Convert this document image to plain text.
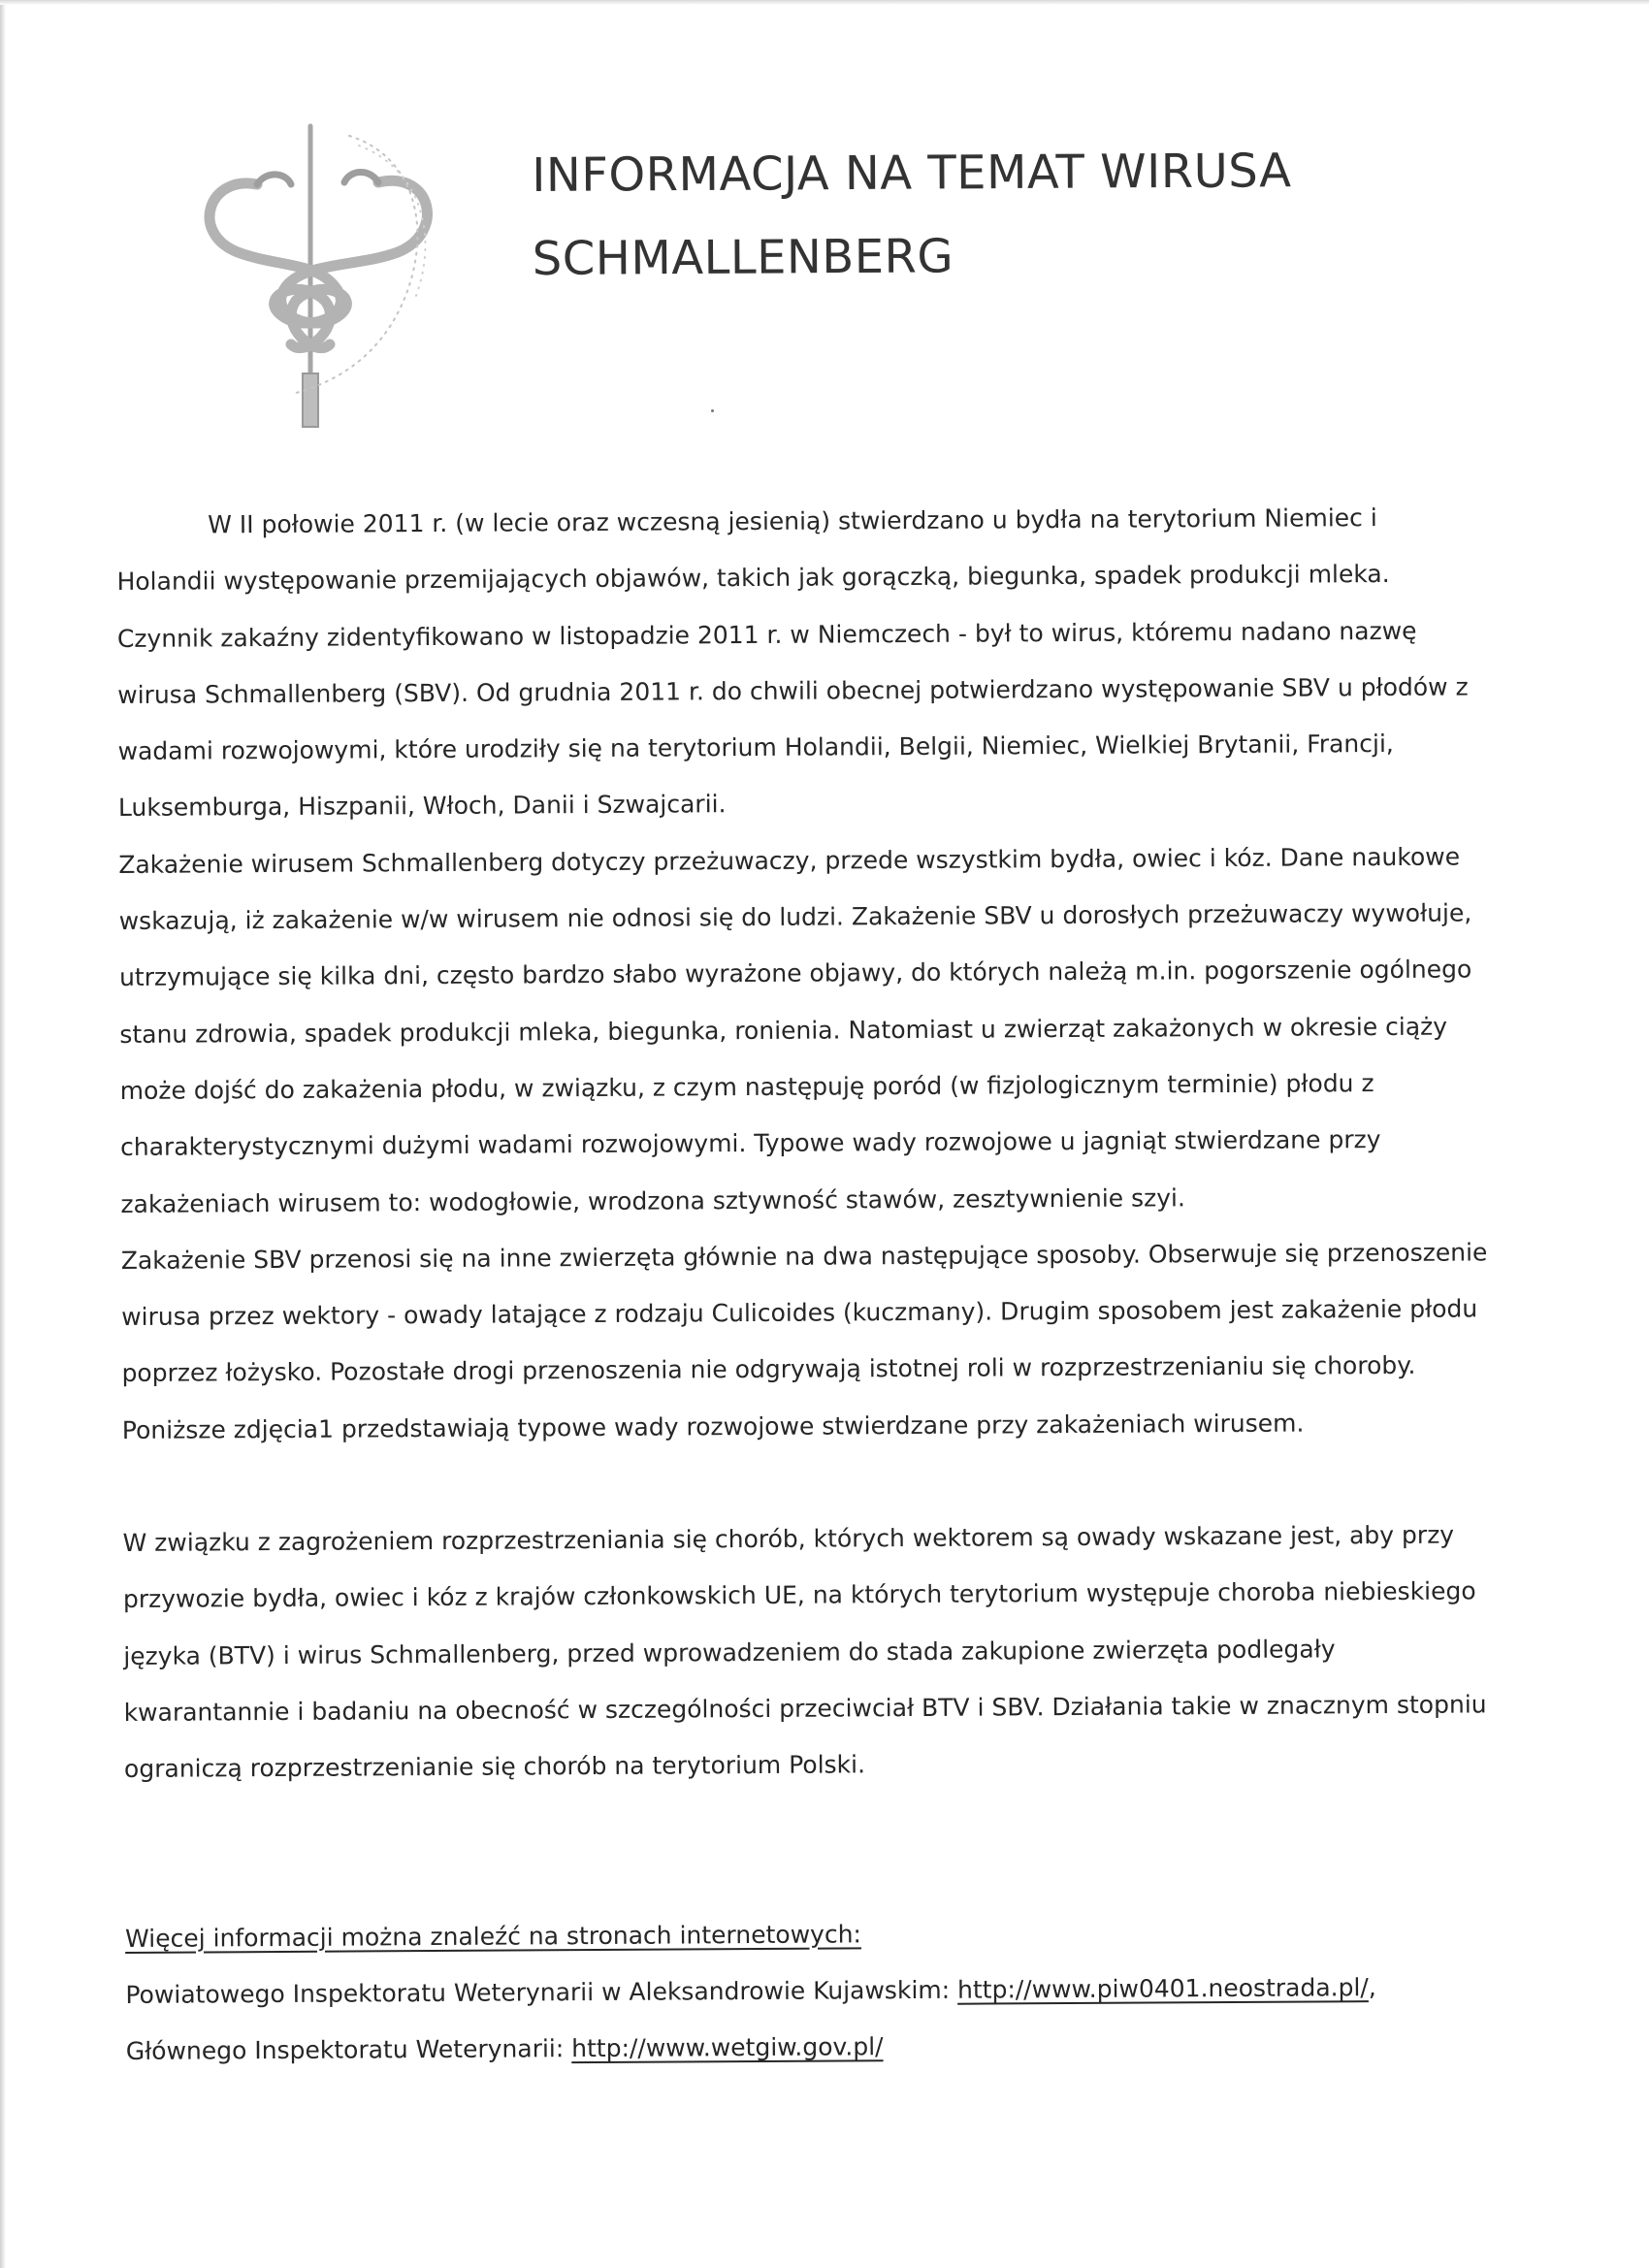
INFORMACJA NA TEMAT WIRUSA
SCHMALLENBERG
W II połowie 2011 r. (w lecie oraz wczesną jesienią) stwierdzano u bydła na terytorium Niemiec i
Holandii występowanie przemijających objawów, takich jak gorączką, biegunka, spadek produkcji mleka.
Czynnik zakaźny zidentyfikowano w listopadzie 2011 r. w Niemczech - był to wirus, któremu nadano nazwę
wirusa Schmallenberg (SBV). Od grudnia 2011 r. do chwili obecnej potwierdzano występowanie SBV u płodów z
wadami rozwojowymi, które urodziły się na terytorium Holandii, Belgii, Niemiec, Wielkiej Brytanii, Francji,
Luksemburga, Hiszpanii, Włoch, Danii i Szwajcarii.
Zakażenie wirusem Schmallenberg dotyczy przeżuwaczy, przede wszystkim bydła, owiec i kóz. Dane naukowe
wskazują, iż zakażenie w/w wirusem nie odnosi się do ludzi. Zakażenie SBV u dorosłych przeżuwaczy wywołuje,
utrzymujące się kilka dni, często bardzo słabo wyrażone objawy, do których należą m.in. pogorszenie ogólnego
stanu zdrowia, spadek produkcji mleka, biegunka, ronienia. Natomiast u zwierząt zakażonych w okresie ciąży
może dojść do zakażenia płodu, w związku, z czym następuję poród (w fizjologicznym terminie) płodu z
charakterystycznymi dużymi wadami rozwojowymi. Typowe wady rozwojowe u jagniąt stwierdzane przy
zakażeniach wirusem to: wodogłowie, wrodzona sztywność stawów, zesztywnienie szyi.
Zakażenie SBV przenosi się na inne zwierzęta głównie na dwa następujące sposoby. Obserwuje się przenoszenie
wirusa przez wektory - owady latające z rodzaju Culicoides (kuczmany). Drugim sposobem jest zakażenie płodu
poprzez łożysko. Pozostałe drogi przenoszenia nie odgrywają istotnej roli w rozprzestrzenianiu się choroby.
Poniższe zdjęcia1 przedstawiają typowe wady rozwojowe stwierdzane przy zakażeniach wirusem.
W związku z zagrożeniem rozprzestrzeniania się chorób, których wektorem są owady wskazane jest, aby przy
przywozie bydła, owiec i kóz z krajów członkowskich UE, na których terytorium występuje choroba niebieskiego
języka (BTV) i wirus Schmallenberg, przed wprowadzeniem do stada zakupione zwierzęta podlegały
kwarantannie i badaniu na obecność w szczególności przeciwciał BTV i SBV. Działania takie w znacznym stopniu
ograniczą rozprzestrzenianie się chorób na terytorium Polski.
Więcej informacji można znaleźć na stronach internetowych:
Powiatowego Inspektoratu Weterynarii w Aleksandrowie Kujawskim: http://www.piw0401.neostrada.pl/,
Głównego Inspektoratu Weterynarii: http://www.wetgiw.gov.pl/
